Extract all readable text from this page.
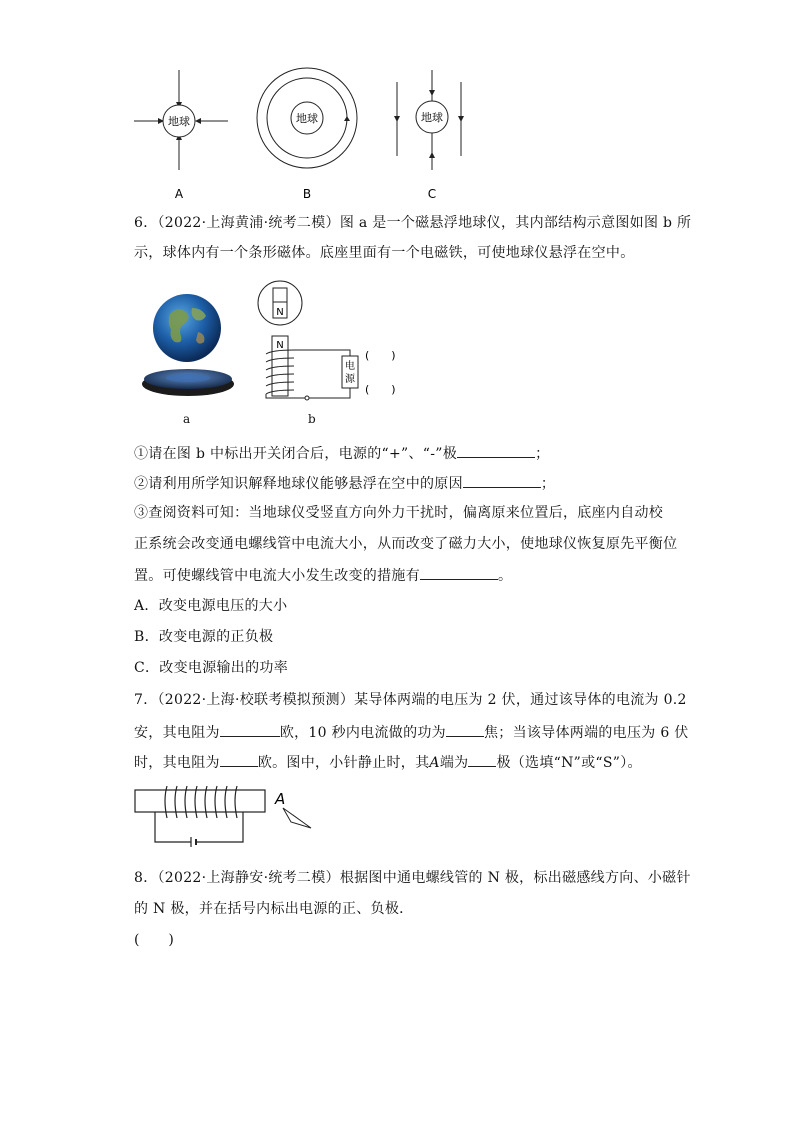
地球	地球	地球
A	B	C
6．（2022·上海黄浦·统考二模）图 a 是一个磁悬浮地球仪，其内部结构示意图如图 b 所
示，球体内有一个条形磁体。底座里面有一个电磁铁，可使地球仪悬浮在空中。
a
N
N
电
源
(　　)
(　　)
b
①请在图 b 中标出开关闭合后，电源的“+”、“-”极	；
②请利用所学知识解释地球仪能够悬浮在空中的原因	；
③查阅资料可知：当地球仪受竖直方向外力干扰时，偏离原来位置后，底座内自动校
正系统会改变通电螺线管中电流大小，从而改变了磁力大小，使地球仪恢复原先平衡位
置。可使螺线管中电流大小发生改变的措施有	。
A．改变电源电压的大小
B．改变电源的正负极
C．改变电源输出的功率
7．（2022·上海·校联考模拟预测）某导体两端的电压为 2 伏，通过该导体的电流为 0.2
安，其电阻为	欧，10 秒内电流做的功为	焦；当该导体两端的电压为 6 伏
时，其电阻为	欧。图中，小针静止时，其A端为 极（选填“N”或“S”）。
A
8．（2022·上海静安·统考二模）根据图中通电螺线管的 N 极，标出磁感线方向、小磁针
的 N 极，并在括号内标出电源的正、负极．
(　　)
